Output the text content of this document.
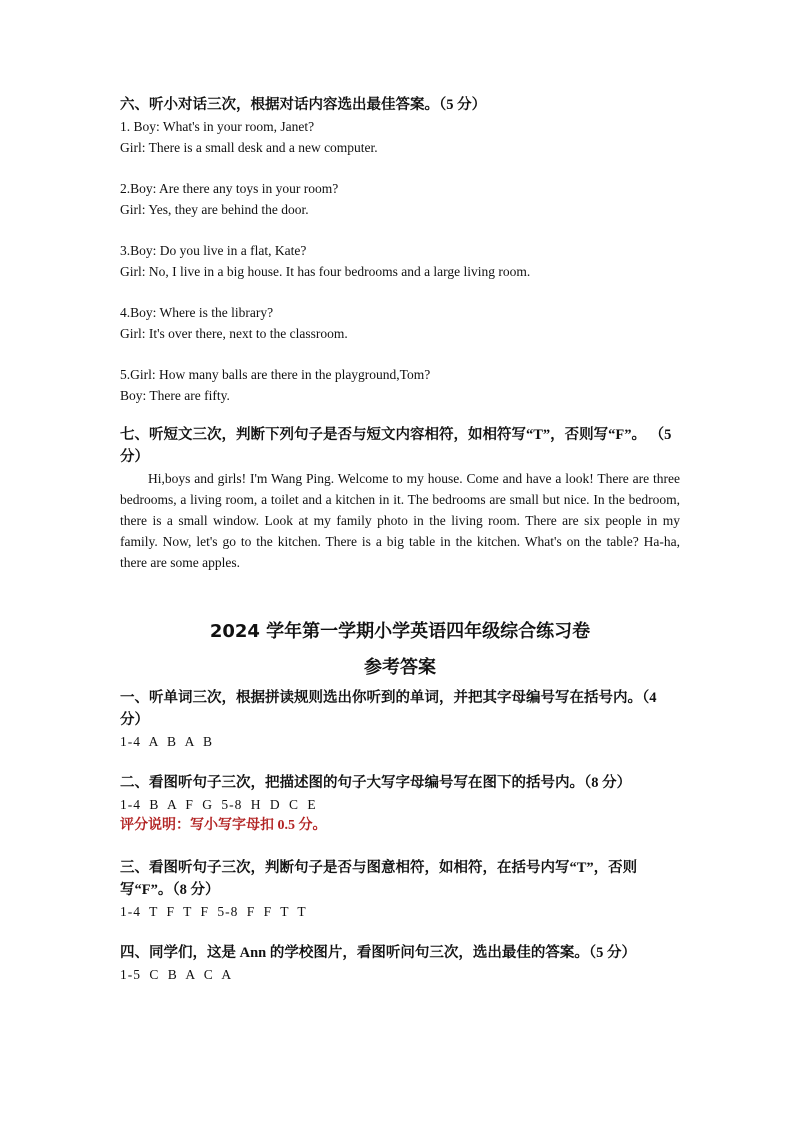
六、听小对话三次，根据对话内容选出最佳答案。（5 分）
1. Boy: What's in your room, Janet?
Girl: There is a small desk and a new computer.
2.Boy: Are there any toys in your room?
Girl: Yes, they are behind the door.
3.Boy: Do you live in a flat, Kate?
Girl: No, I live in a big house. It has four bedrooms and a large living room.
4.Boy: Where is the library?
Girl: It's over there, next to the classroom.
5.Girl: How many balls are there in the playground,Tom?
Boy: There are fifty.
七、听短文三次，判断下列句子是否与短文内容相符，如相符写“T”，否则写“F”。 （5 分）
Hi,boys and girls! I'm Wang Ping. Welcome to my house. Come and have a look! There are three bedrooms, a living room, a toilet and a kitchen in it. The bedrooms are small but nice. In the bedroom, there is a small window. Look at my family photo in the living room. There are six people in my family. Now, let's go to the kitchen. There is a big table in the kitchen. What's on the table? Ha-ha, there are some apples.
2024 学年第一学期小学英语四年级综合练习卷
参考答案
一、听单词三次，根据拼读规则选出你听到的单词，并把其字母编号写在括号内。（4 分）
1-4 A B A B
二、看图听句子三次，把描述图的句子大写字母编号写在图下的括号内。（8 分）
1-4 B A F G 5-8 H D C E
评分说明：写小写字母扣 0.5 分。
三、看图听句子三次，判断句子是否与图意相符，如相符，在括号内写“T”，否则写“F”。（8 分）
1-4 T F T F 5-8 F F T T
四、同学们，这是 Ann 的学校图片，看图听问句三次，选出最佳的答案。（5 分）
1-5 C B A C A
